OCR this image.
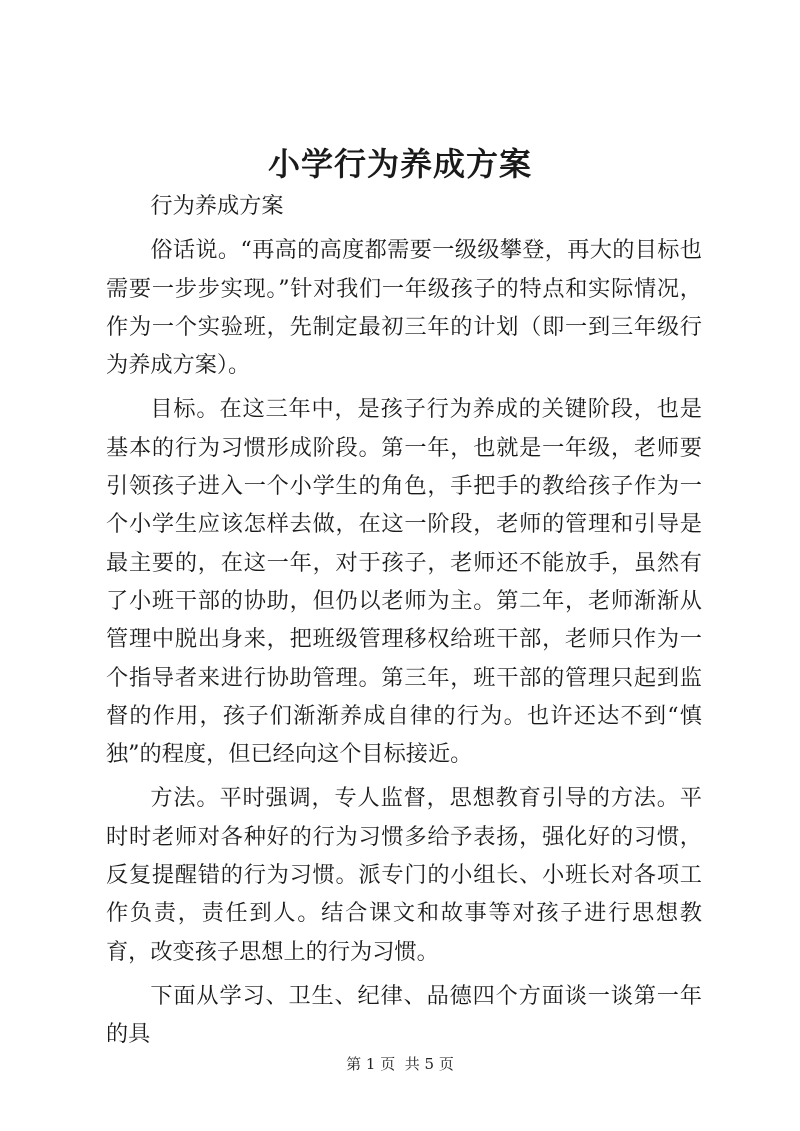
小学行为养成方案

行为养成方案

俗话说。“再高的高度都需要一级级攀登，再大的目标也需要一步步实现。”针对我们一年级孩子的特点和实际情况，作为一个实验班，先制定最初三年的计划（即一到三年级行为养成方案）。

目标。在这三年中，是孩子行为养成的关键阶段，也是基本的行为习惯形成阶段。第一年，也就是一年级，老师要引领孩子进入一个小学生的角色，手把手的教给孩子作为一个小学生应该怎样去做，在这一阶段，老师的管理和引导是最主要的，在这一年，对于孩子，老师还不能放手，虽然有了小班干部的协助，但仍以老师为主。第二年，老师渐渐从管理中脱出身来，把班级管理移权给班干部，老师只作为一个指导者来进行协助管理。第三年，班干部的管理只起到监督的作用，孩子们渐渐养成自律的行为。也许还达不到“慎独”的程度，但已经向这个目标接近。

方法。平时强调，专人监督，思想教育引导的方法。平时时老师对各种好的行为习惯多给予表扬，强化好的习惯，反复提醒错的行为习惯。派专门的小组长、小班长对各项工作负责，责任到人。结合课文和故事等对孩子进行思想教育，改变孩子思想上的行为习惯。

下面从学习、卫生、纪律、品德四个方面谈一谈第一年的具

第 1 页  共 5 页
